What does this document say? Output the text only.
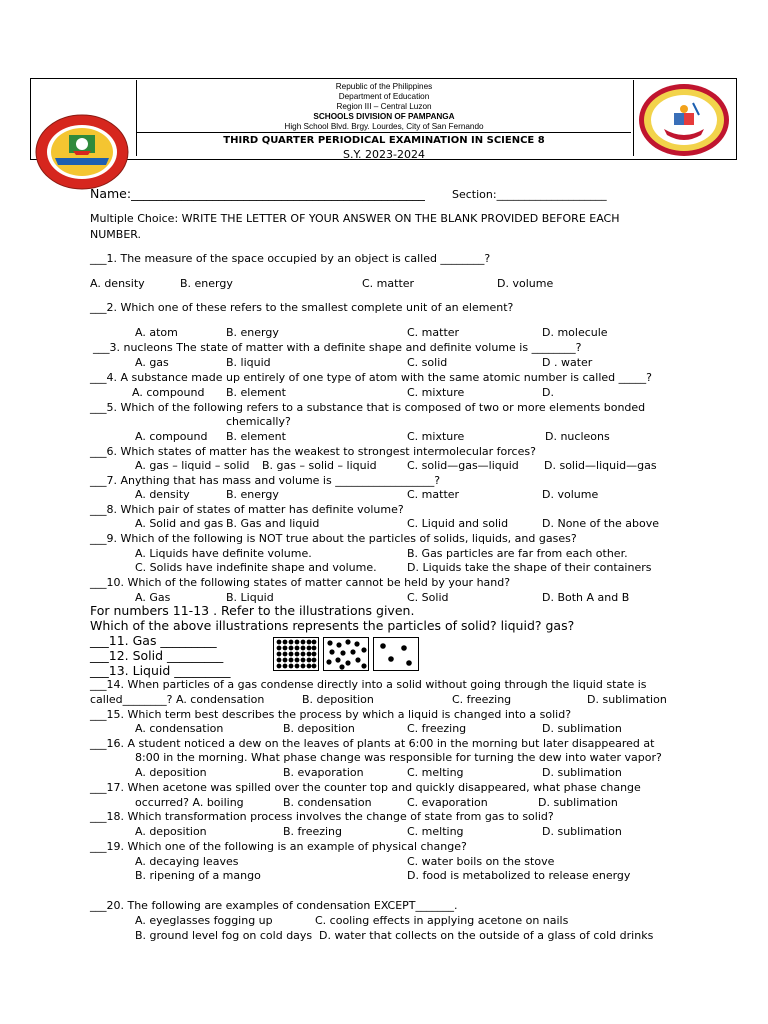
Republic of the Philippines
Department of Education
Region III – Central Luzon
SCHOOLS DIVISION OF PAMPANGA
High School Blvd. Brgy. Lourdes, City of San Fernando
THIRD QUARTER PERIODICAL EXAMINATION IN SCIENCE 8
S.Y. 2023-2024
Name:_______________________________________________ Section:____________________
Multiple Choice: WRITE THE LETTER OF YOUR ANSWER ON THE BLANK PROVIDED BEFORE EACH
NUMBER.
___1. The measure of the space occupied by an object is called ________?
A. density	B. energy	C. matter	D. volume
___2. Which one of these refers to the smallest complete unit of an element?
A. atom	B. energy	C. matter	D. molecule
___3. nucleons The state of matter with a definite shape and definite volume is ________?
A. gas	B. liquid	C. solid	D . water
___4. A substance made up entirely of one type of atom with the same atomic number is called _____?
A. compound B. element	C. mixture	D.
___5. Which of the following refers to a substance that is composed of two or more elements bonded
chemically?
A. compound B. element	C. mixture	D. nucleons
___6. Which states of matter has the weakest to strongest intermolecular forces?
A. gas – liquid – solid B. gas – solid – liquid	C. solid—gas—liquid D. solid—liquid—gas
___7. Anything that has mass and volume is __________________?
A. density	B. energy	C. matter	D. volume
___8. Which pair of states of matter has definite volume?
A. Solid and gas B. Gas and liquid	C. Liquid and solid	D. None of the above
___9. Which of the following is NOT true about the particles of solids, liquids, and gases?
A. Liquids have definite volume.	B. Gas particles are far from each other.
C. Solids have indefinite shape and volume.	D. Liquids take the shape of their containers
___10. Which of the following states of matter cannot be held by your hand?
A. Gas	B. Liquid	C. Solid	D. Both A and B
For numbers 11-13 . Refer to the illustrations given.
Which of the above illustrations represents the particles of solid? liquid? gas?
___11. Gas _________
___12. Solid _________
___13. Liquid _________
___14. When particles of a gas condense directly into a solid without going through the liquid state is
called________? A. condensation	B. deposition	C. freezing	D. sublimation
___15. Which term best describes the process by which a liquid is changed into a solid?
A. condensation	B. deposition	C. freezing	D. sublimation
___16. A student noticed a dew on the leaves of plants at 6:00 in the morning but later disappeared at
8:00 in the morning. What phase change was responsible for turning the dew into water vapor?
A. deposition	B. evaporation	C. melting	D. sublimation
___17. When acetone was spilled over the counter top and quickly disappeared, what phase change
occurred? A. boiling	B. condensation	C. evaporation	D. sublimation
___18. Which transformation process involves the change of state from gas to solid?
A. deposition	B. freezing	C. melting	D. sublimation
___19. Which one of the following is an example of physical change?
A. decaying leaves	C. water boils on the stove
B. ripening of a mango	D. food is metabolized to release energy
___20. The following are examples of condensation EXCEPT_______.
A. eyeglasses fogging up	C. cooling effects in applying acetone on nails
B. ground level fog on cold days D. water that collects on the outside of a glass of cold drinks
